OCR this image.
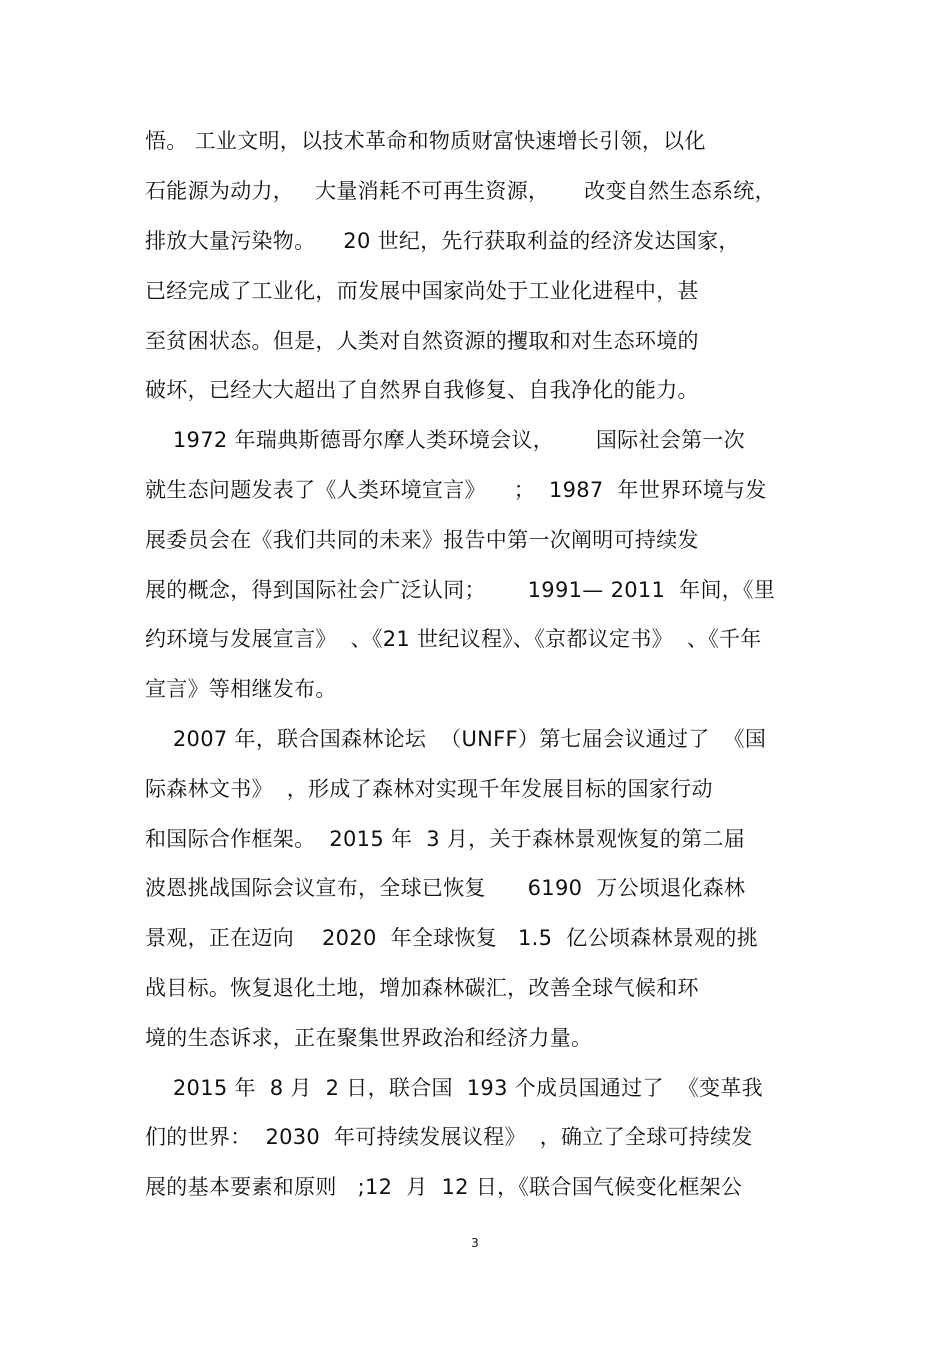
悟。 工业文明，以技术革命和物质财富快速增长引领，以化
石能源为动力，   大量消耗不可再生资源，     改变自然生态系统，
排放大量污染物。    20 世纪，先行获取利益的经济发达国家，
已经完成了工业化，而发展中国家尚处于工业化进程中，甚
至贫困状态。但是，人类对自然资源的攫取和对生态环境的
破坏，已经大大超出了自然界自我修复、自我净化的能力。
1972 年瑞典斯德哥尔摩人类环境会议，      国际社会第一次
就生态问题发表了《人类环境宣言》    ；  1987  年世界环境与发
展委员会在《我们共同的未来》报告中第一次阐明可持续发
展的概念，得到国际社会广泛认同；      1991— 2011  年间，《里
约环境与发展宣言》  、《21 世纪议程》、《京都议定书》  、《千年
宣言》等相继发布。
2007 年，联合国森林论坛  （UNFF）第七届会议通过了  《国
际森林文书》  ，形成了森林对实现千年发展目标的国家行动
和国际合作框架。  2015 年  3 月，关于森林景观恢复的第二届
波恩挑战国际会议宣布，全球已恢复      6190  万公顷退化森林
景观，正在迈向    2020  年全球恢复   1.5  亿公顷森林景观的挑
战目标。恢复退化土地，增加森林碳汇，改善全球气候和环
境的生态诉求，正在聚集世界政治和经济力量。
2015 年  8 月  2 日，联合国  193 个成员国通过了  《变革我
们的世界：  2030  年可持续发展议程》  ，确立了全球可持续发
展的基本要素和原则   ;12  月  12 日，《联合国气候变化框架公
3
